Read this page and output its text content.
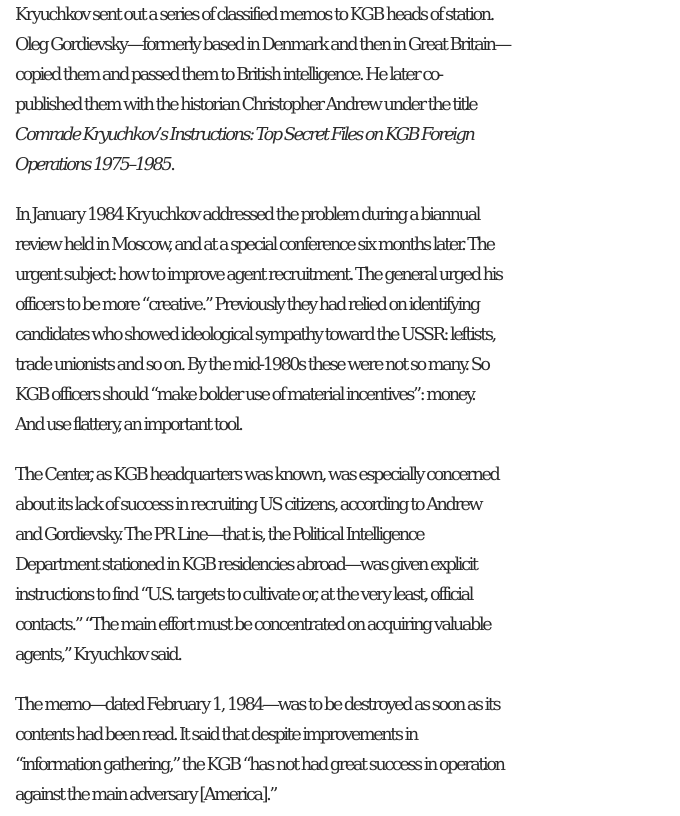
Kryuchkov sent out a series of classified memos to KGB heads of station.
Oleg Gordievsky—formerly based in Denmark and then in Great Britain—
copied them and passed them to British intelligence. He later co-
published them with the historian Christopher Andrew under the title
Comrade Kryuchkov’s Instructions: Top Secret Files on KGB Foreign
Operations 1975–1985.
In January 1984 Kryuchkov addressed the problem during a biannual
review held in Moscow, and at a special conference six months later. The
urgent subject: how to improve agent recruitment. The general urged his
officers to be more “creative.” Previously they had relied on identifying
candidates who showed ideological sympathy toward the USSR: leftists,
trade unionists and so on. By the mid-1980s these were not so many. So
KGB officers should “make bolder use of material incentives”: money.
And use flattery, an important tool.
The Center, as KGB headquarters was known, was especially concerned
about its lack of success in recruiting US citizens, according to Andrew
and Gordievsky. The PR Line—that is, the Political Intelligence
Department stationed in KGB residencies abroad—was given explicit
instructions to find “U.S. targets to cultivate or, at the very least, official
contacts.” “The main effort must be concentrated on acquiring valuable
agents,” Kryuchkov said.
The memo—dated February 1, 1984—was to be destroyed as soon as its
contents had been read. It said that despite improvements in
“information gathering,” the KGB “has not had great success in operation
against the main adversary [America].”
